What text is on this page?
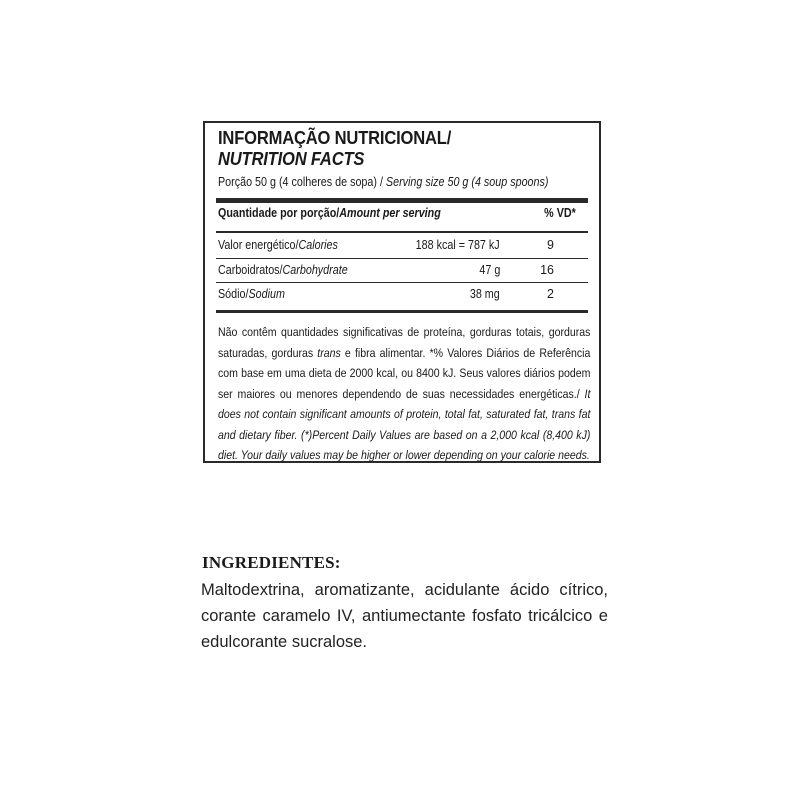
INFORMAÇÃO NUTRICIONAL/
NUTRITION FACTS
Porção 50 g (4 colheres de sopa) / Serving size 50 g (4 soup spoons)
Quantidade por porção/Amount per serving	% VD*
Valor energético/Calories	188 kcal = 787 kJ	9
Carboidratos/Carbohydrate	47 g	16
Sódio/Sodium	38 mg	2
Não contêm quantidades significativas de proteína, gorduras totais, gorduras saturadas, gorduras trans e fibra alimentar. *% Valores Diários de Referência com base em uma dieta de 2000 kcal, ou 8400 kJ. Seus valores diários podem ser maiores ou menores dependendo de suas necessidades energéticas./ It does not contain significant amounts of protein, total fat, saturated fat, trans fat and dietary fiber. (*)Percent Daily Values are based on a 2,000 kcal (8,400 kJ) diet. Your daily values may be higher or lower depending on your calorie needs.
INGREDIENTES:
Maltodextrina, aromatizante, acidulante ácido cítrico, corante caramelo IV, antiumectante fosfato tricálcico e edulcorante sucralose.
